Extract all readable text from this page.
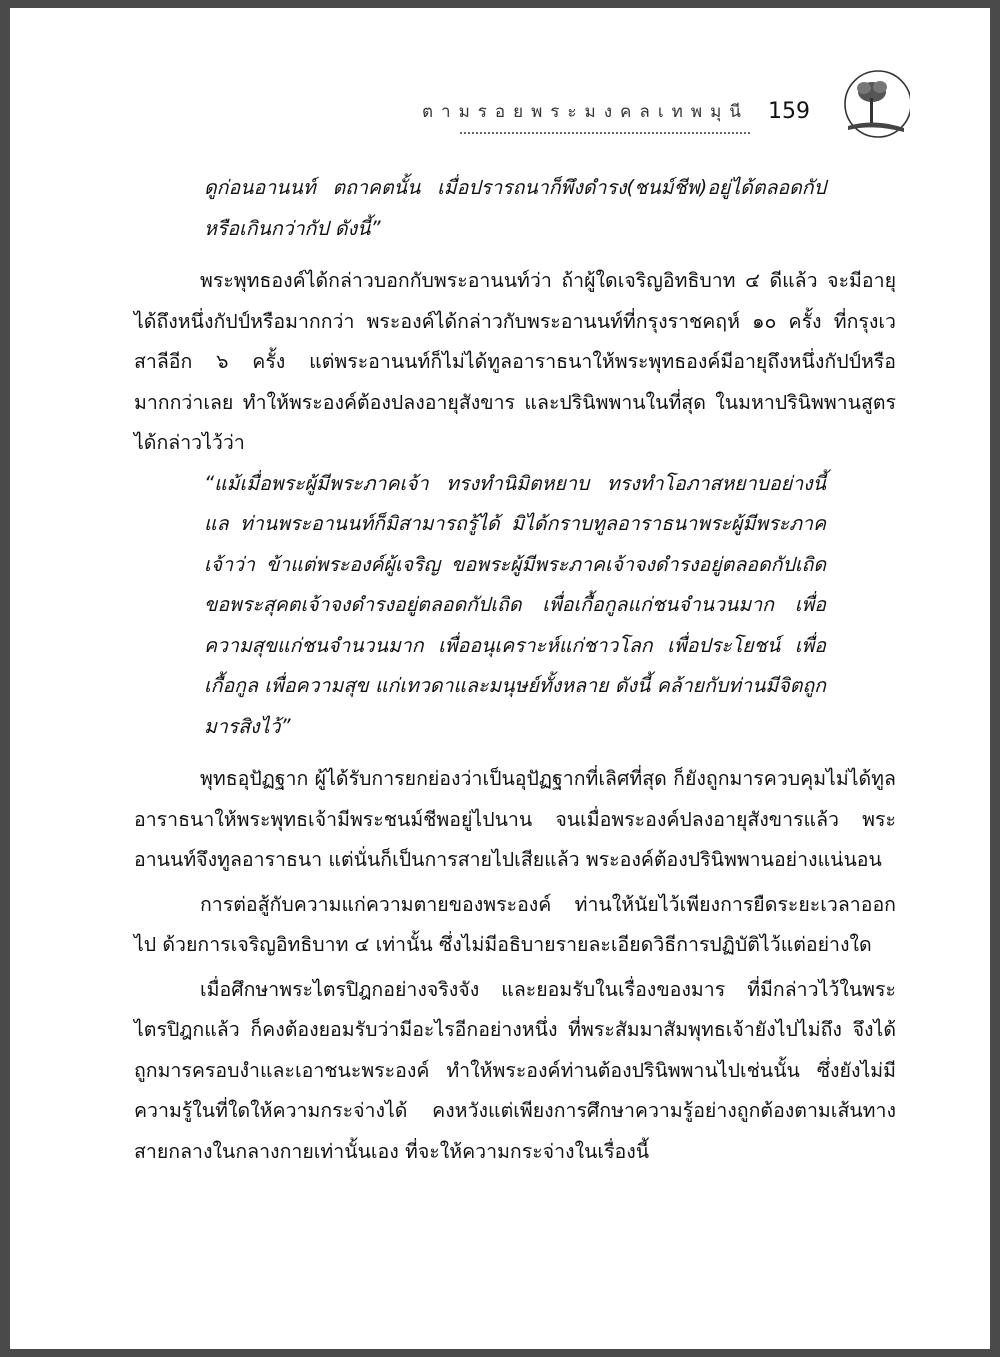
ตามรอยพระมงคลเทพมุนี 159

ดูก่อนอานนท์ ตถาคตนั้น เมื่อปรารถนาก็พึงดำรง(ชนม์ชีพ)อยู่ได้ตลอดกัป หรือเกินกว่ากัป ดังนี้”

พระพุทธองค์ได้กล่าวบอกกับพระอานนท์ว่า ถ้าผู้ใดเจริญอิทธิบาท ๔ ดีแล้ว จะมีอายุได้ถึงหนึ่งกัปป์หรือมากกว่า พระองค์ได้กล่าวกับพระอานนท์ที่กรุงราชคฤห์ ๑๐ ครั้ง ที่กรุงเวสาลีอีก ๖ ครั้ง แต่พระอานนท์ก็ไม่ได้ทูลอาราธนาให้พระพุทธองค์มีอายุถึงหนึ่งกัปป์หรือมากกว่าเลย ทำให้พระองค์ต้องปลงอายุสังขาร และปรินิพพานในที่สุด ในมหาปรินิพพานสูตรได้กล่าวไว้ว่า

“แม้เมื่อพระผู้มีพระภาคเจ้า ทรงทำนิมิตหยาบ ทรงทำโอภาสหยาบอย่างนี้แล ท่านพระอานนท์ก็มิสามารถรู้ได้ มิได้กราบทูลอาราธนาพระผู้มีพระภาคเจ้าว่า ข้าแต่พระองค์ผู้เจริญ ขอพระผู้มีพระภาคเจ้าจงดำรงอยู่ตลอดกัปเถิด ขอพระสุคตเจ้าจงดำรงอยู่ตลอดกัปเถิด เพื่อเกื้อกูลแก่ชนจำนวนมาก เพื่อความสุขแก่ชนจำนวนมาก เพื่ออนุเคราะห์แก่ชาวโลก เพื่อประโยชน์ เพื่อเกื้อกูล เพื่อความสุข แก่เทวดาและมนุษย์ทั้งหลาย ดังนี้ คล้ายกับท่านมีจิตถูกมารสิงไว้”

พุทธอุปัฏฐาก ผู้ได้รับการยกย่องว่าเป็นอุปัฏฐากที่เลิศที่สุด ก็ยังถูกมารควบคุมไม่ได้ทูลอาราธนาให้พระพุทธเจ้ามีพระชนม์ชีพอยู่ไปนาน จนเมื่อพระองค์ปลงอายุสังขารแล้ว พระอานนท์จึงทูลอาราธนา แต่นั่นก็เป็นการสายไปเสียแล้ว พระองค์ต้องปรินิพพานอย่างแน่นอน

การต่อสู้กับความแก่ความตายของพระองค์ ท่านให้นัยไว้เพียงการยืดระยะเวลาออกไป ด้วยการเจริญอิทธิบาท ๔ เท่านั้น ซึ่งไม่มีอธิบายรายละเอียดวิธีการปฏิบัติไว้แต่อย่างใด

เมื่อศึกษาพระไตรปิฎกอย่างจริงจัง และยอมรับในเรื่องของมาร ที่มีกล่าวไว้ในพระไตรปิฎกแล้ว ก็คงต้องยอมรับว่ามีอะไรอีกอย่างหนึ่ง ที่พระสัมมาสัมพุทธเจ้ายังไปไม่ถึง จึงได้ถูกมารครอบงำและเอาชนะพระองค์ ทำให้พระองค์ท่านต้องปรินิพพานไปเช่นนั้น ซึ่งยังไม่มีความรู้ในที่ใดให้ความกระจ่างได้ คงหวังแต่เพียงการศึกษาความรู้อย่างถูกต้องตามเส้นทางสายกลางในกลางกายเท่านั้นเอง ที่จะให้ความกระจ่างในเรื่องนี้
